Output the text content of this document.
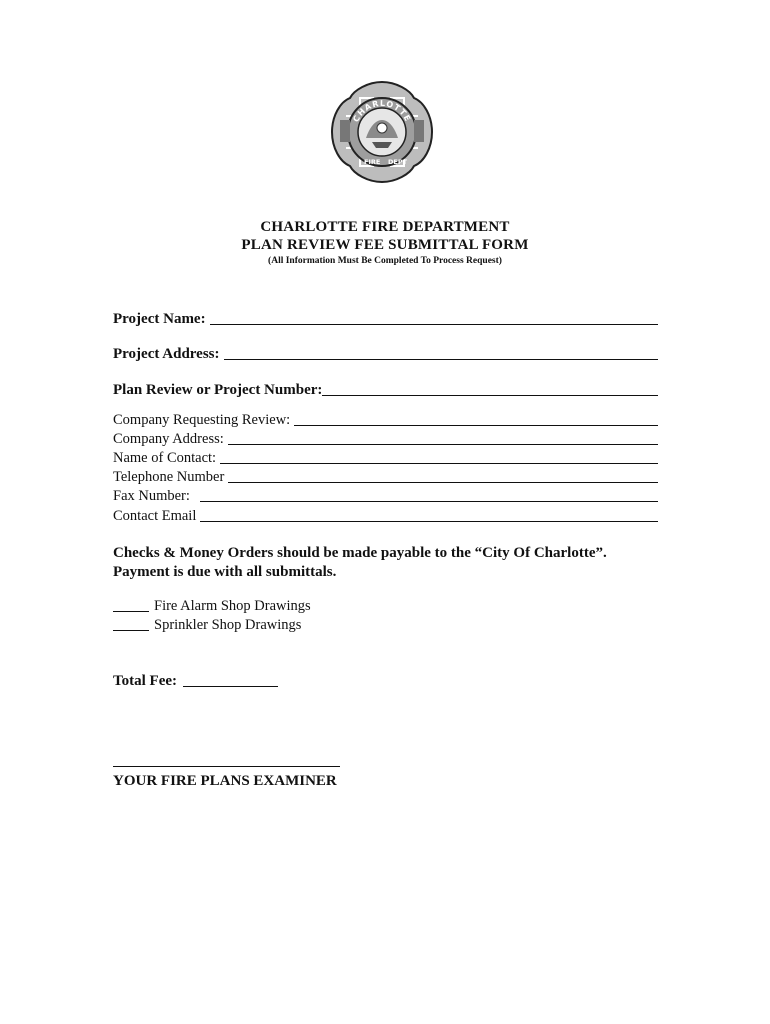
CHARLOTTE
FIRE DEPT
CHARLOTTE FIRE DEPARTMENT
PLAN REVIEW FEE SUBMITTAL FORM
(All Information Must Be Completed To Process Request)
Project Name:
Project Address:
Plan Review or Project Number:
Company Requesting Review:
Company Address:
Name of Contact:
Telephone Number
Fax Number:
Contact Email
Checks & Money Orders should be made payable to the “City Of Charlotte”.
Payment is due with all submittals.
Fire Alarm Shop Drawings
Sprinkler Shop Drawings
Total Fee:
YOUR FIRE PLANS EXAMINER
